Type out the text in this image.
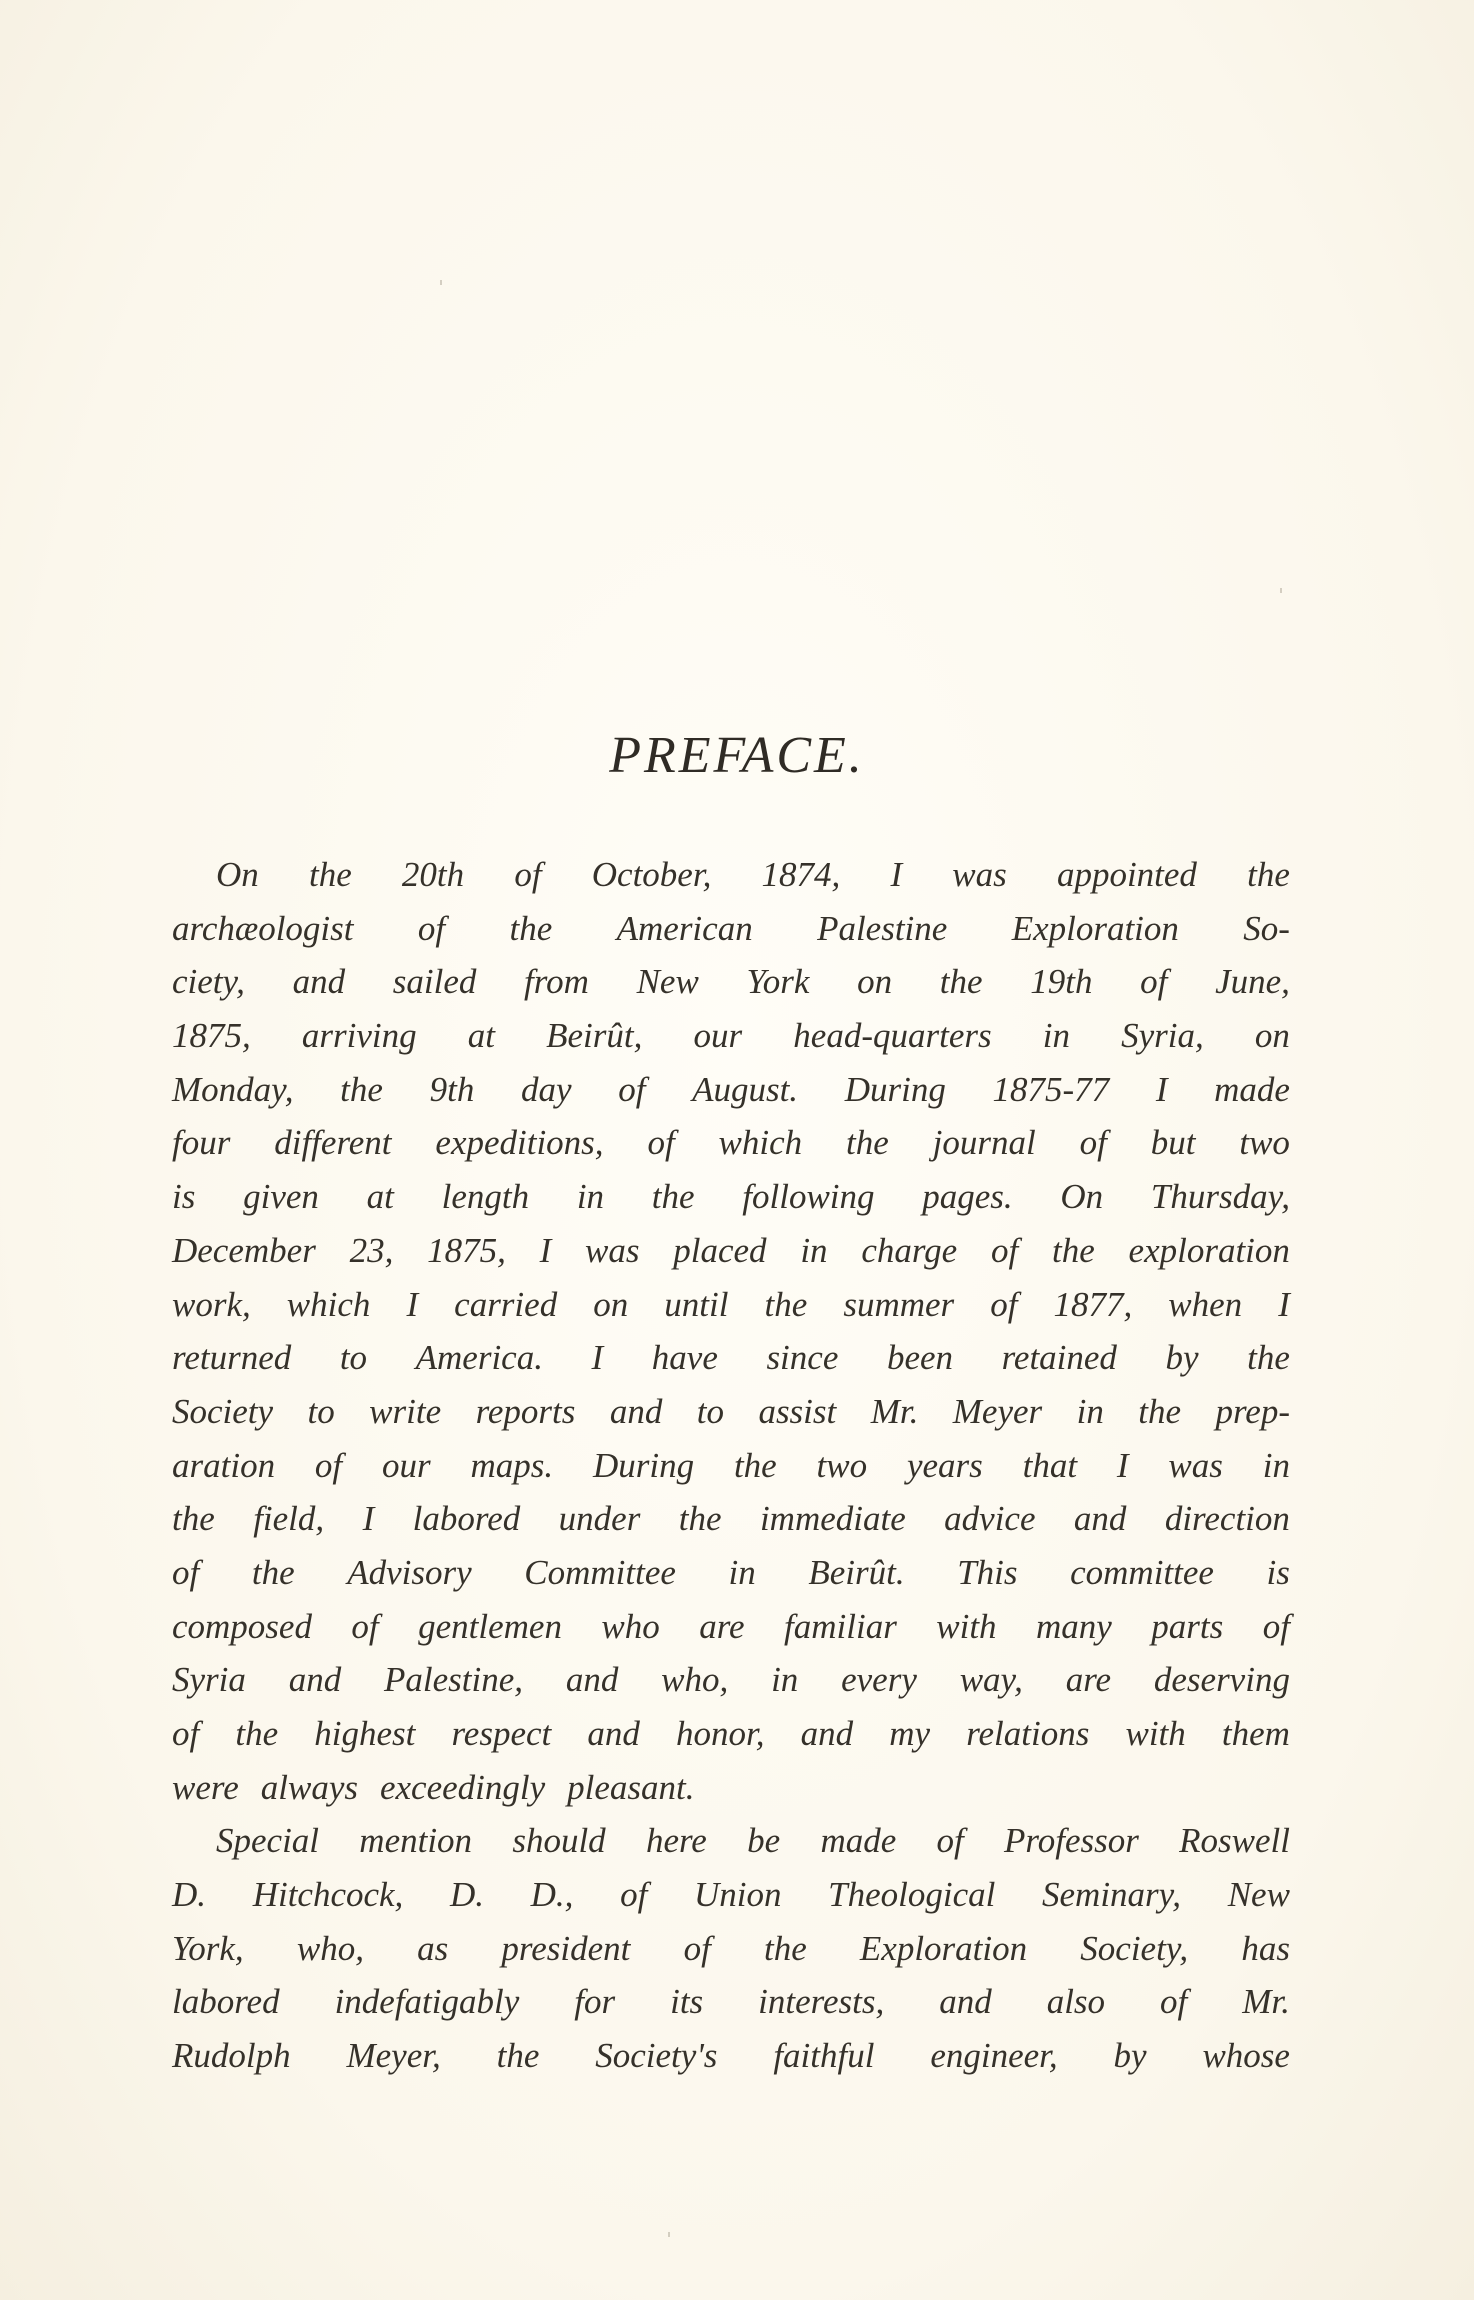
PREFACE.
On the 20th of October, 1874, I was appointed the
archæologist of the American Palestine Exploration So-
ciety, and sailed from New York on the 19th of June,
1875, arriving at Beirût, our head-quarters in Syria, on
Monday, the 9th day of August. During 1875-77 I made
four different expeditions, of which the journal of but two
is given at length in the following pages. On Thursday,
December 23, 1875, I was placed in charge of the exploration
work, which I carried on until the summer of 1877, when I
returned to America. I have since been retained by the
Society to write reports and to assist Mr. Meyer in the prep-
aration of our maps. During the two years that I was in
the field, I labored under the immediate advice and direction
of the Advisory Committee in Beirût. This committee is
composed of gentlemen who are familiar with many parts of
Syria and Palestine, and who, in every way, are deserving
of the highest respect and honor, and my relations with them
were always exceedingly pleasant.
Special mention should here be made of Professor Roswell
D. Hitchcock, D. D., of Union Theological Seminary, New
York, who, as president of the Exploration Society, has
labored indefatigably for its interests, and also of Mr.
Rudolph Meyer, the Society's faithful engineer, by whose
